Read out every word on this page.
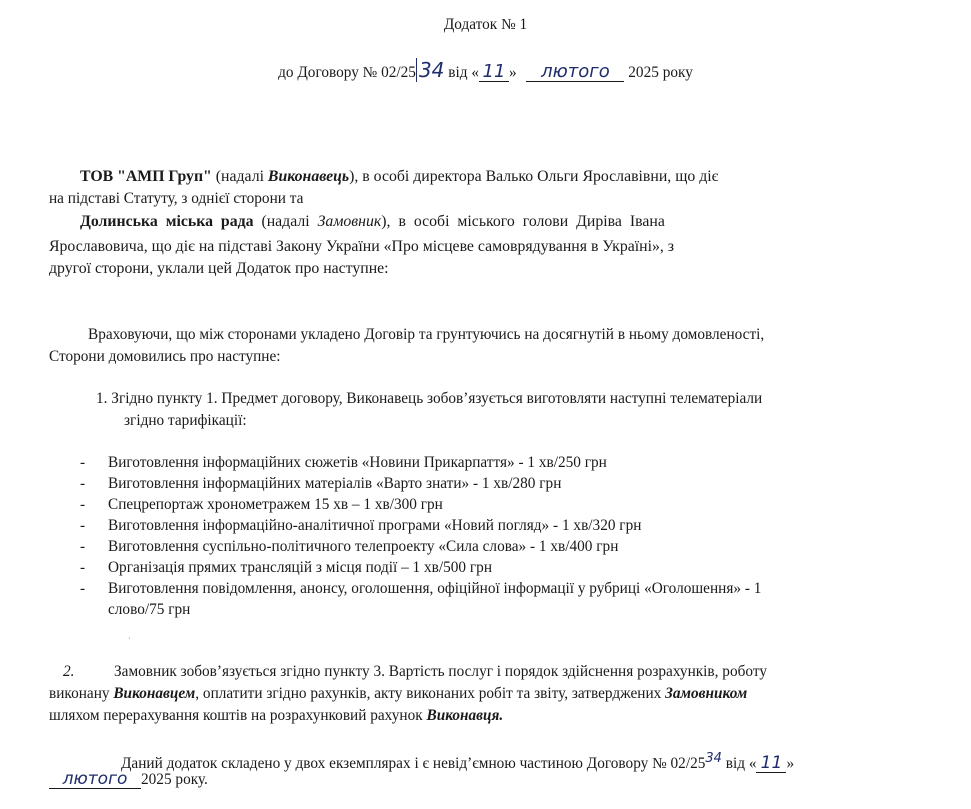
Додаток № 1
до Договору № 02/25 34 від « 11 » лютого 2025 року
ТОВ "АМП Груп" (надалі Виконавець), в особі директора Валько Ольги Ярославівни, що діє
на підставі Статуту, з однієї сторони та
Долинська міська рада (надалі Замовник), в особі міського голови Диріва Івана
Ярославовича, що діє на підставі Закону України «Про місцеве самоврядування в Україні», з
другої сторони, уклали цей Додаток про наступне:
Враховуючи, що між сторонами укладено Договір та грунтуючись на досягнутій в ньому домовленості,
Сторони домовились про наступне:
1. Згідно пункту 1. Предмет договору, Виконавець зобов’язується виготовляти наступні телематеріали
згідно тарифікації:
- Виготовлення інформаційних сюжетів «Новини Прикарпаття» - 1 хв/250 грн
- Виготовлення інформаційних матеріалів «Варто знати» - 1 хв/280 грн
- Спецрепортаж хронометражем 15 хв – 1 хв/300 грн
- Виготовлення інформаційно-аналітичної програми «Новий погляд» - 1 хв/320 грн
- Виготовлення суспільно-політичного телепроекту «Сила слова» - 1 хв/400 грн
- Організація прямих трансляцій з місця події – 1 хв/500 грн
- Виготовлення повідомлення, анонсу, оголошення, офіційної інформації у рубриці «Оголошення» - 1
слово/75 грн
·
2.	Замовник зобов’язується згідно пункту 3. Вартість послуг і порядок здійснення розрахунків, роботу
виконану Виконавцем, оплатити згідно рахунків, акту виконаних робіт та звіту, затверджених Замовником
шляхом перерахування коштів на розрахунковий рахунок Виконавця.
Даний додаток складено у двох екземплярах і є невід’ємною частиною Договору № $02/25^{34}$ від « 11 »
лютого 2025 року.
